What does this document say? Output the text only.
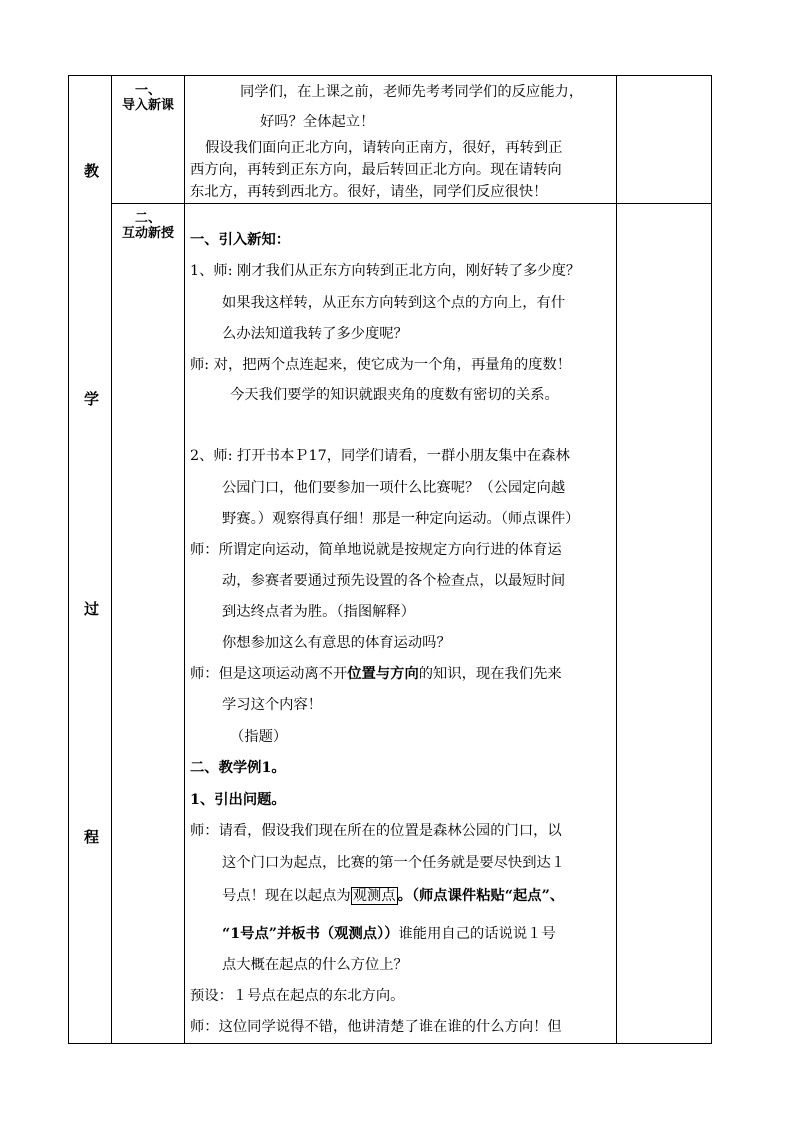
教
学
过
程
一、
导入新课
二、
互动新授
同学们，在上课之前，老师先考考同学们的反应能力，
好吗？全体起立！
假设我们面向正北方向，请转向正南方，很好，再转到正
西方向，再转到正东方向，最后转回正北方向。现在请转向
东北方，再转到西北方。很好，请坐，同学们反应很快！
一、引入新知：
1、师: 刚才我们从正东方向转到正北方向，刚好转了多少度？
如果我这样转，从正东方向转到这个点的方向上，有什
么办法知道我转了多少度呢？
师: 对，把两个点连起来，使它成为一个角，再量角的度数！
今天我们要学的知识就跟夹角的度数有密切的关系。
2、师: 打开书本Ｐ17，同学们请看，一群小朋友集中在森林
公园门口，他们要参加一项什么比赛呢？（公园定向越
野赛。）观察得真仔细！那是一种定向运动。（师点课件）
师：所谓定向运动，简单地说就是按规定方向行进的体育运
动，参赛者要通过预先设置的各个检查点，以最短时间
到达终点者为胜。（指图解释）
你想参加这么有意思的体育运动吗？
师：但是这项运动离不开位置与方向的知识，现在我们先来
学习这个内容！
（指题）
二、教学例1。
1、引出问题。
师：请看，假设我们现在所在的位置是森林公园的门口，以
这个门口为起点，比赛的第一个任务就是要尽快到达１
号点！现在以起点为 观测点 。（师点课件粘贴“起点”、
“1号点”并板书（观测点））谁能用自己的话说说１号
点大概在起点的什么方位上？
预设：１号点在起点的东北方向。
师：这位同学说得不错，他讲清楚了谁在谁的什么方向！但
